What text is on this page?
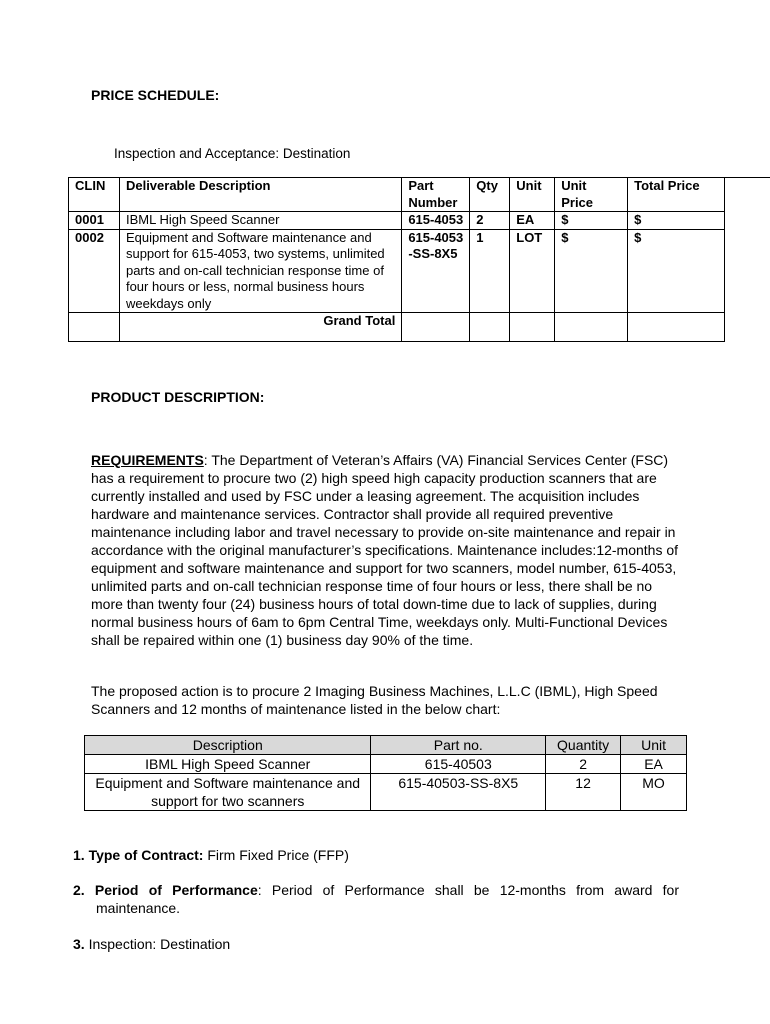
PRICE SCHEDULE:
Inspection and Acceptance: Destination
CLIN	Deliverable Description	Part Number	Qty	Unit	Unit Price	Total Price
0001	IBML High Speed Scanner	615-4053	2	EA	$	$
0002	Equipment and Software maintenance and support for 615-4053, two systems, unlimited parts and on-call technician response time of four hours or less, normal business hours weekdays only	615-4053-SS-8X5	1	LOT	$	$
	Grand Total					
PRODUCT DESCRIPTION:
REQUIREMENTS: The Department of Veteran’s Affairs (VA) Financial Services Center (FSC) has a requirement to procure two (2) high speed high capacity production scanners that are currently installed and used by FSC under a leasing agreement. The acquisition includes hardware and maintenance services. Contractor shall provide all required preventive maintenance including labor and travel necessary to provide on-site maintenance and repair in accordance with the original manufacturer’s specifications. Maintenance includes:12-months of equipment and software maintenance and support for two scanners, model number, 615-4053, unlimited parts and on-call technician response time of four hours or less, there shall be no more than twenty four (24) business hours of total down-time due to lack of supplies, during normal business hours of 6am to 6pm Central Time, weekdays only. Multi-Functional Devices shall be repaired within one (1) business day 90% of the time.
The proposed action is to procure 2 Imaging Business Machines, L.L.C (IBML), High Speed Scanners and 12 months of maintenance listed in the below chart:
Description	Part no.	Quantity	Unit
IBML High Speed Scanner	615-40503	2	EA
Equipment and Software maintenance and support for two scanners	615-40503-SS-8X5	12	MO
1. Type of Contract: Firm Fixed Price (FFP)
2. Period of Performance: Period of Performance shall be 12-months from award for maintenance.
3. Inspection: Destination
